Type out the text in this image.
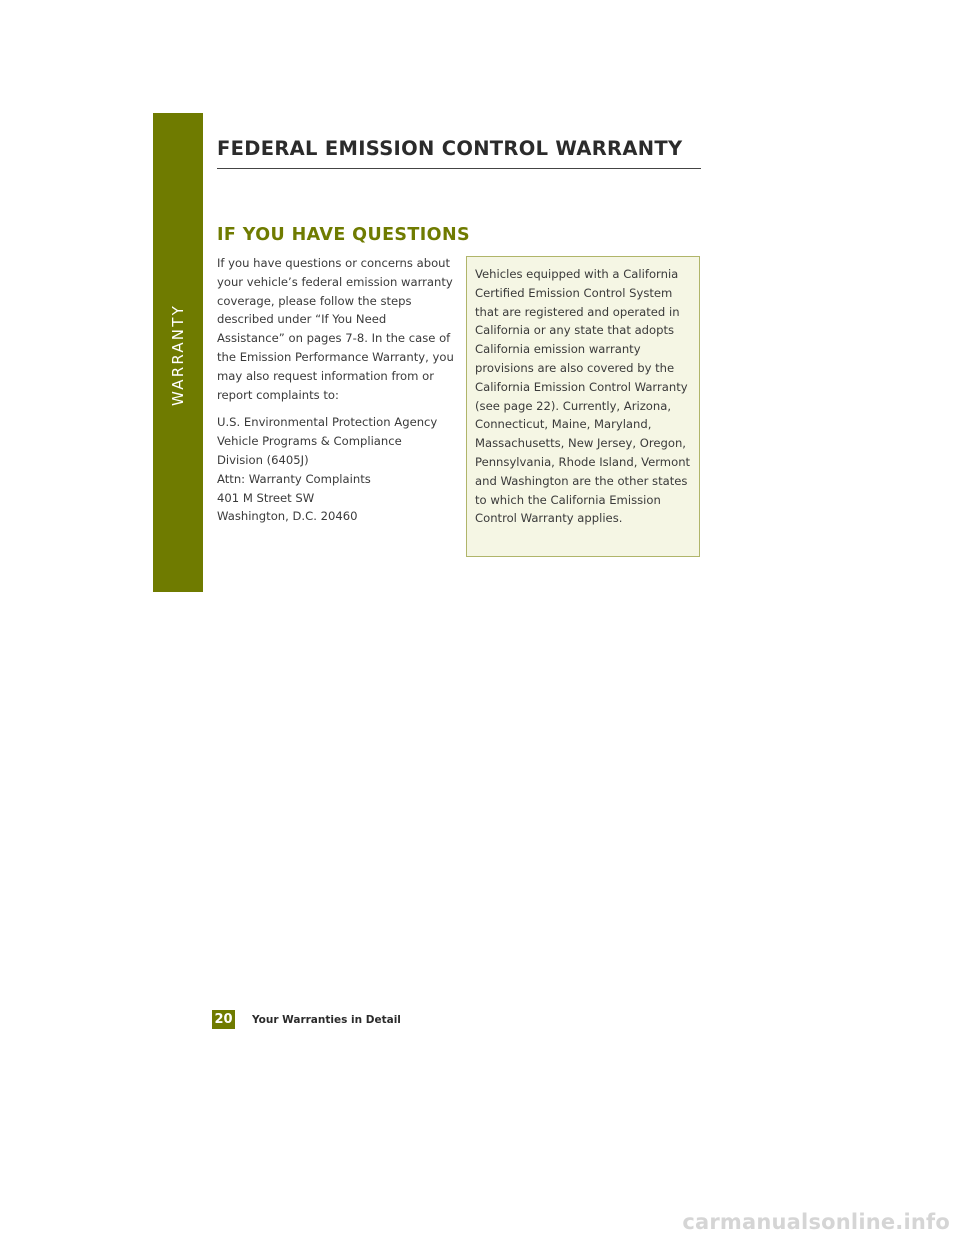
WARRANTY
FEDERAL EMISSION CONTROL WARRANTY
IF YOU HAVE QUESTIONS

If you have questions or concerns about your vehicle’s federal emission warranty coverage, please follow the steps described under “If You Need Assistance” on pages 7-8. In the case of the Emission Performance Warranty, you may also request information from or report complaints to:

U.S. Environmental Protection Agency
Vehicle Programs & Compliance
Division (6405J)
Attn: Warranty Complaints
401 M Street SW
Washington, D.C. 20460

Vehicles equipped with a California Certified Emission Control System that are registered and operated in California or any state that adopts California emission warranty provisions are also covered by the California Emission Control Warranty (see page 22). Currently, Arizona, Connecticut, Maine, Maryland, Massachusetts, New Jersey, Oregon, Pennsylvania, Rhode Island, Vermont and Washington are the other states to which the California Emission Control Warranty applies.

20 Your Warranties in Detail
carmanualsonline.info
